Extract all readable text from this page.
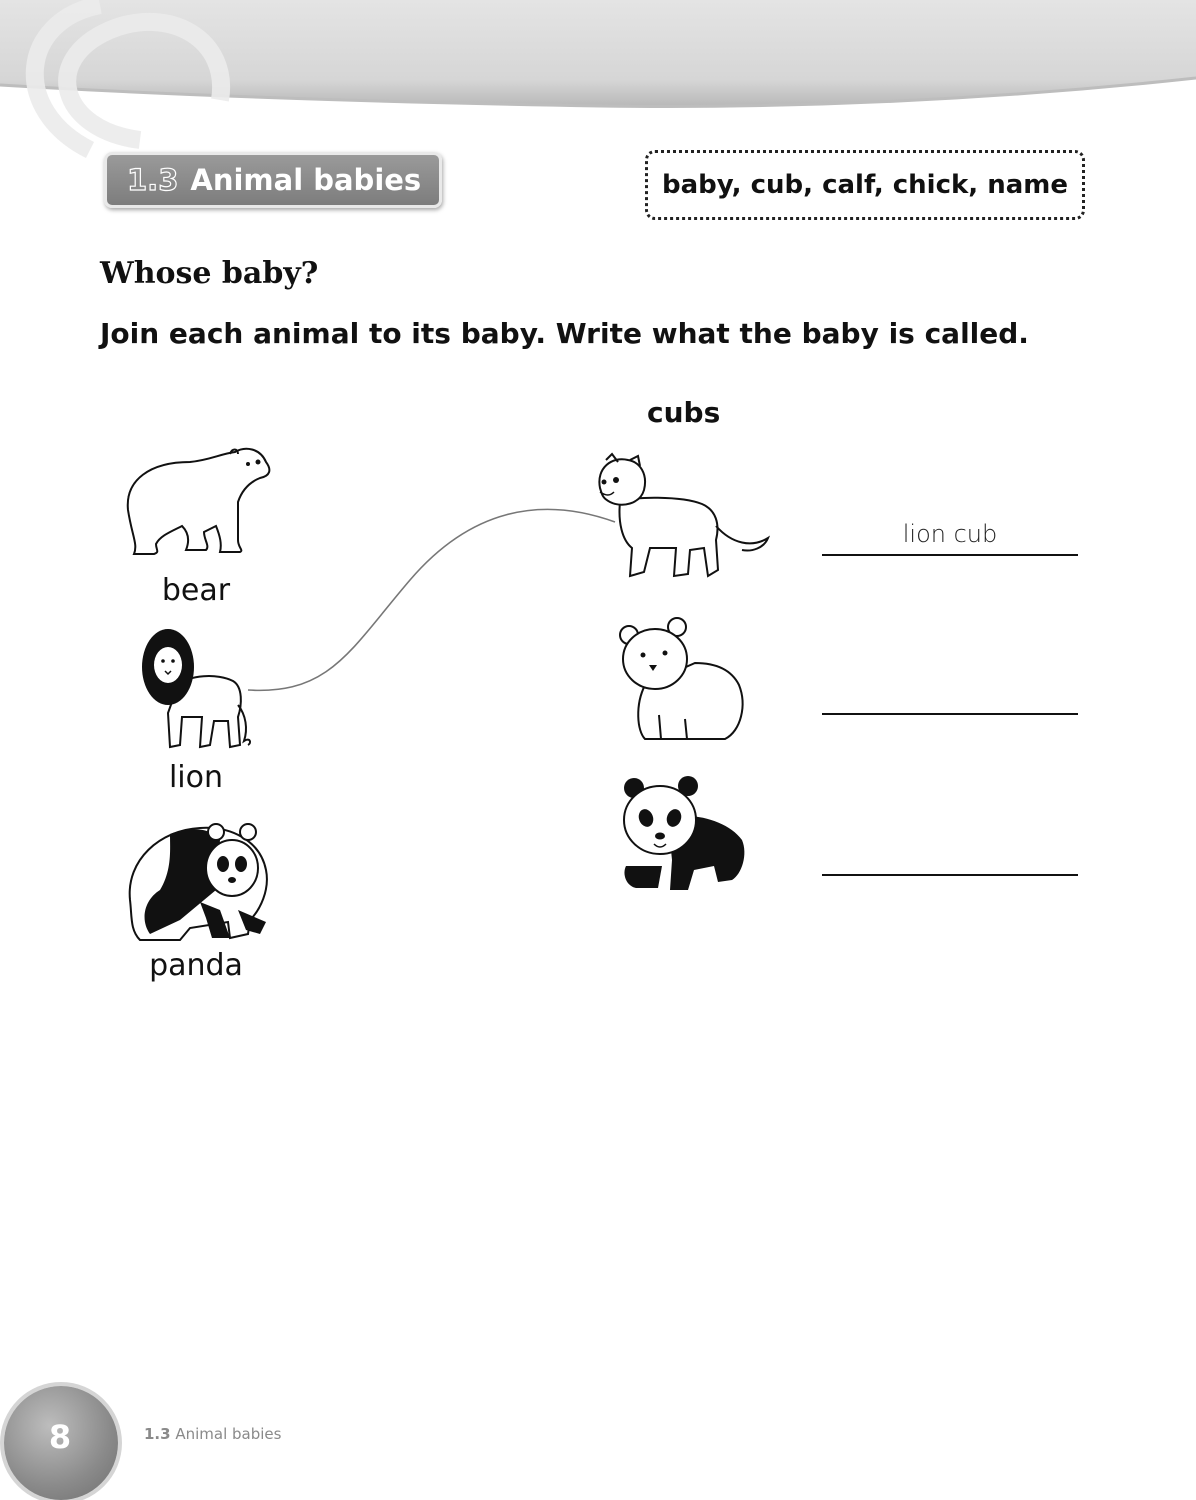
1.3 Animal babies	baby, cub, calf, chick, name
Whose baby?
Join each animal to its baby. Write what the baby is called.
cubs
bear
lion
panda
lion cub
8	1.3 Animal babies
